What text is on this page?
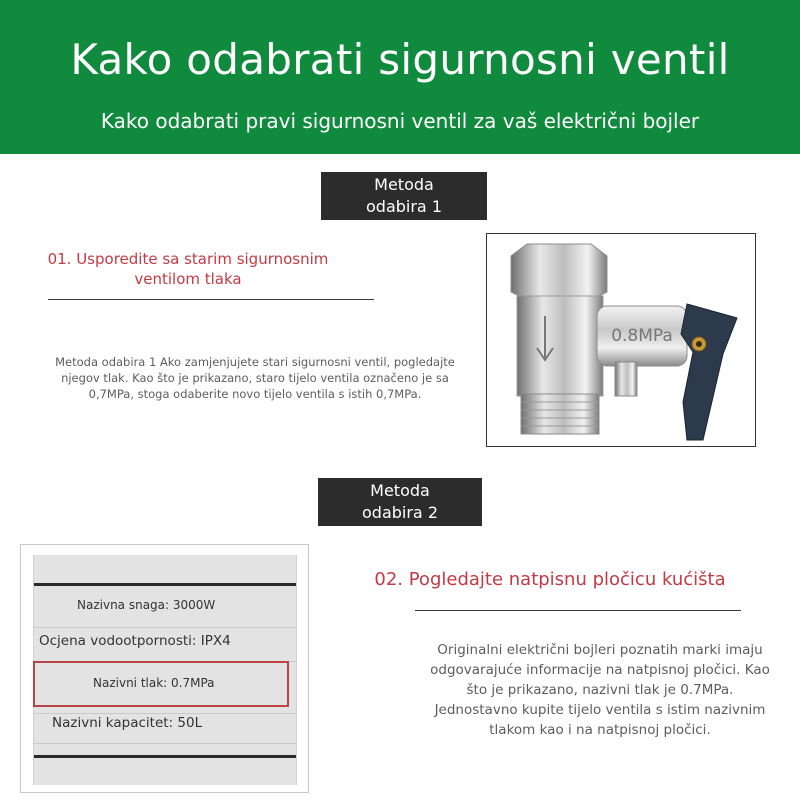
Kako odabrati sigurnosni ventil
Kako odabrati pravi sigurnosni ventil za vaš električni bojler
Metoda
odabira 1
01. Usporedite sa starim sigurnosnim
ventilom tlaka
Metoda odabira 1 Ako zamjenjujete stari sigurnosni ventil, pogledajte
njegov tlak. Kao što je prikazano, staro tijelo ventila označeno je sa
0,7MPa, stoga odaberite novo tijelo ventila s istih 0,7MPa.
0.8MPa
Metoda
odabira 2
Nazivna snaga: 3000W
Ocjena vodootpornosti: IPX4
Nazivni tlak: 0.7MPa
Nazivni kapacitet: 50L
02. Pogledajte natpisnu pločicu kućišta
Originalni električni bojleri poznatih marki imaju
odgovarajuće informacije na natpisnoj pločici. Kao
što je prikazano, nazivni tlak je 0.7MPa.
Jednostavno kupite tijelo ventila s istim nazivnim
tlakom kao i na natpisnoj pločici.
